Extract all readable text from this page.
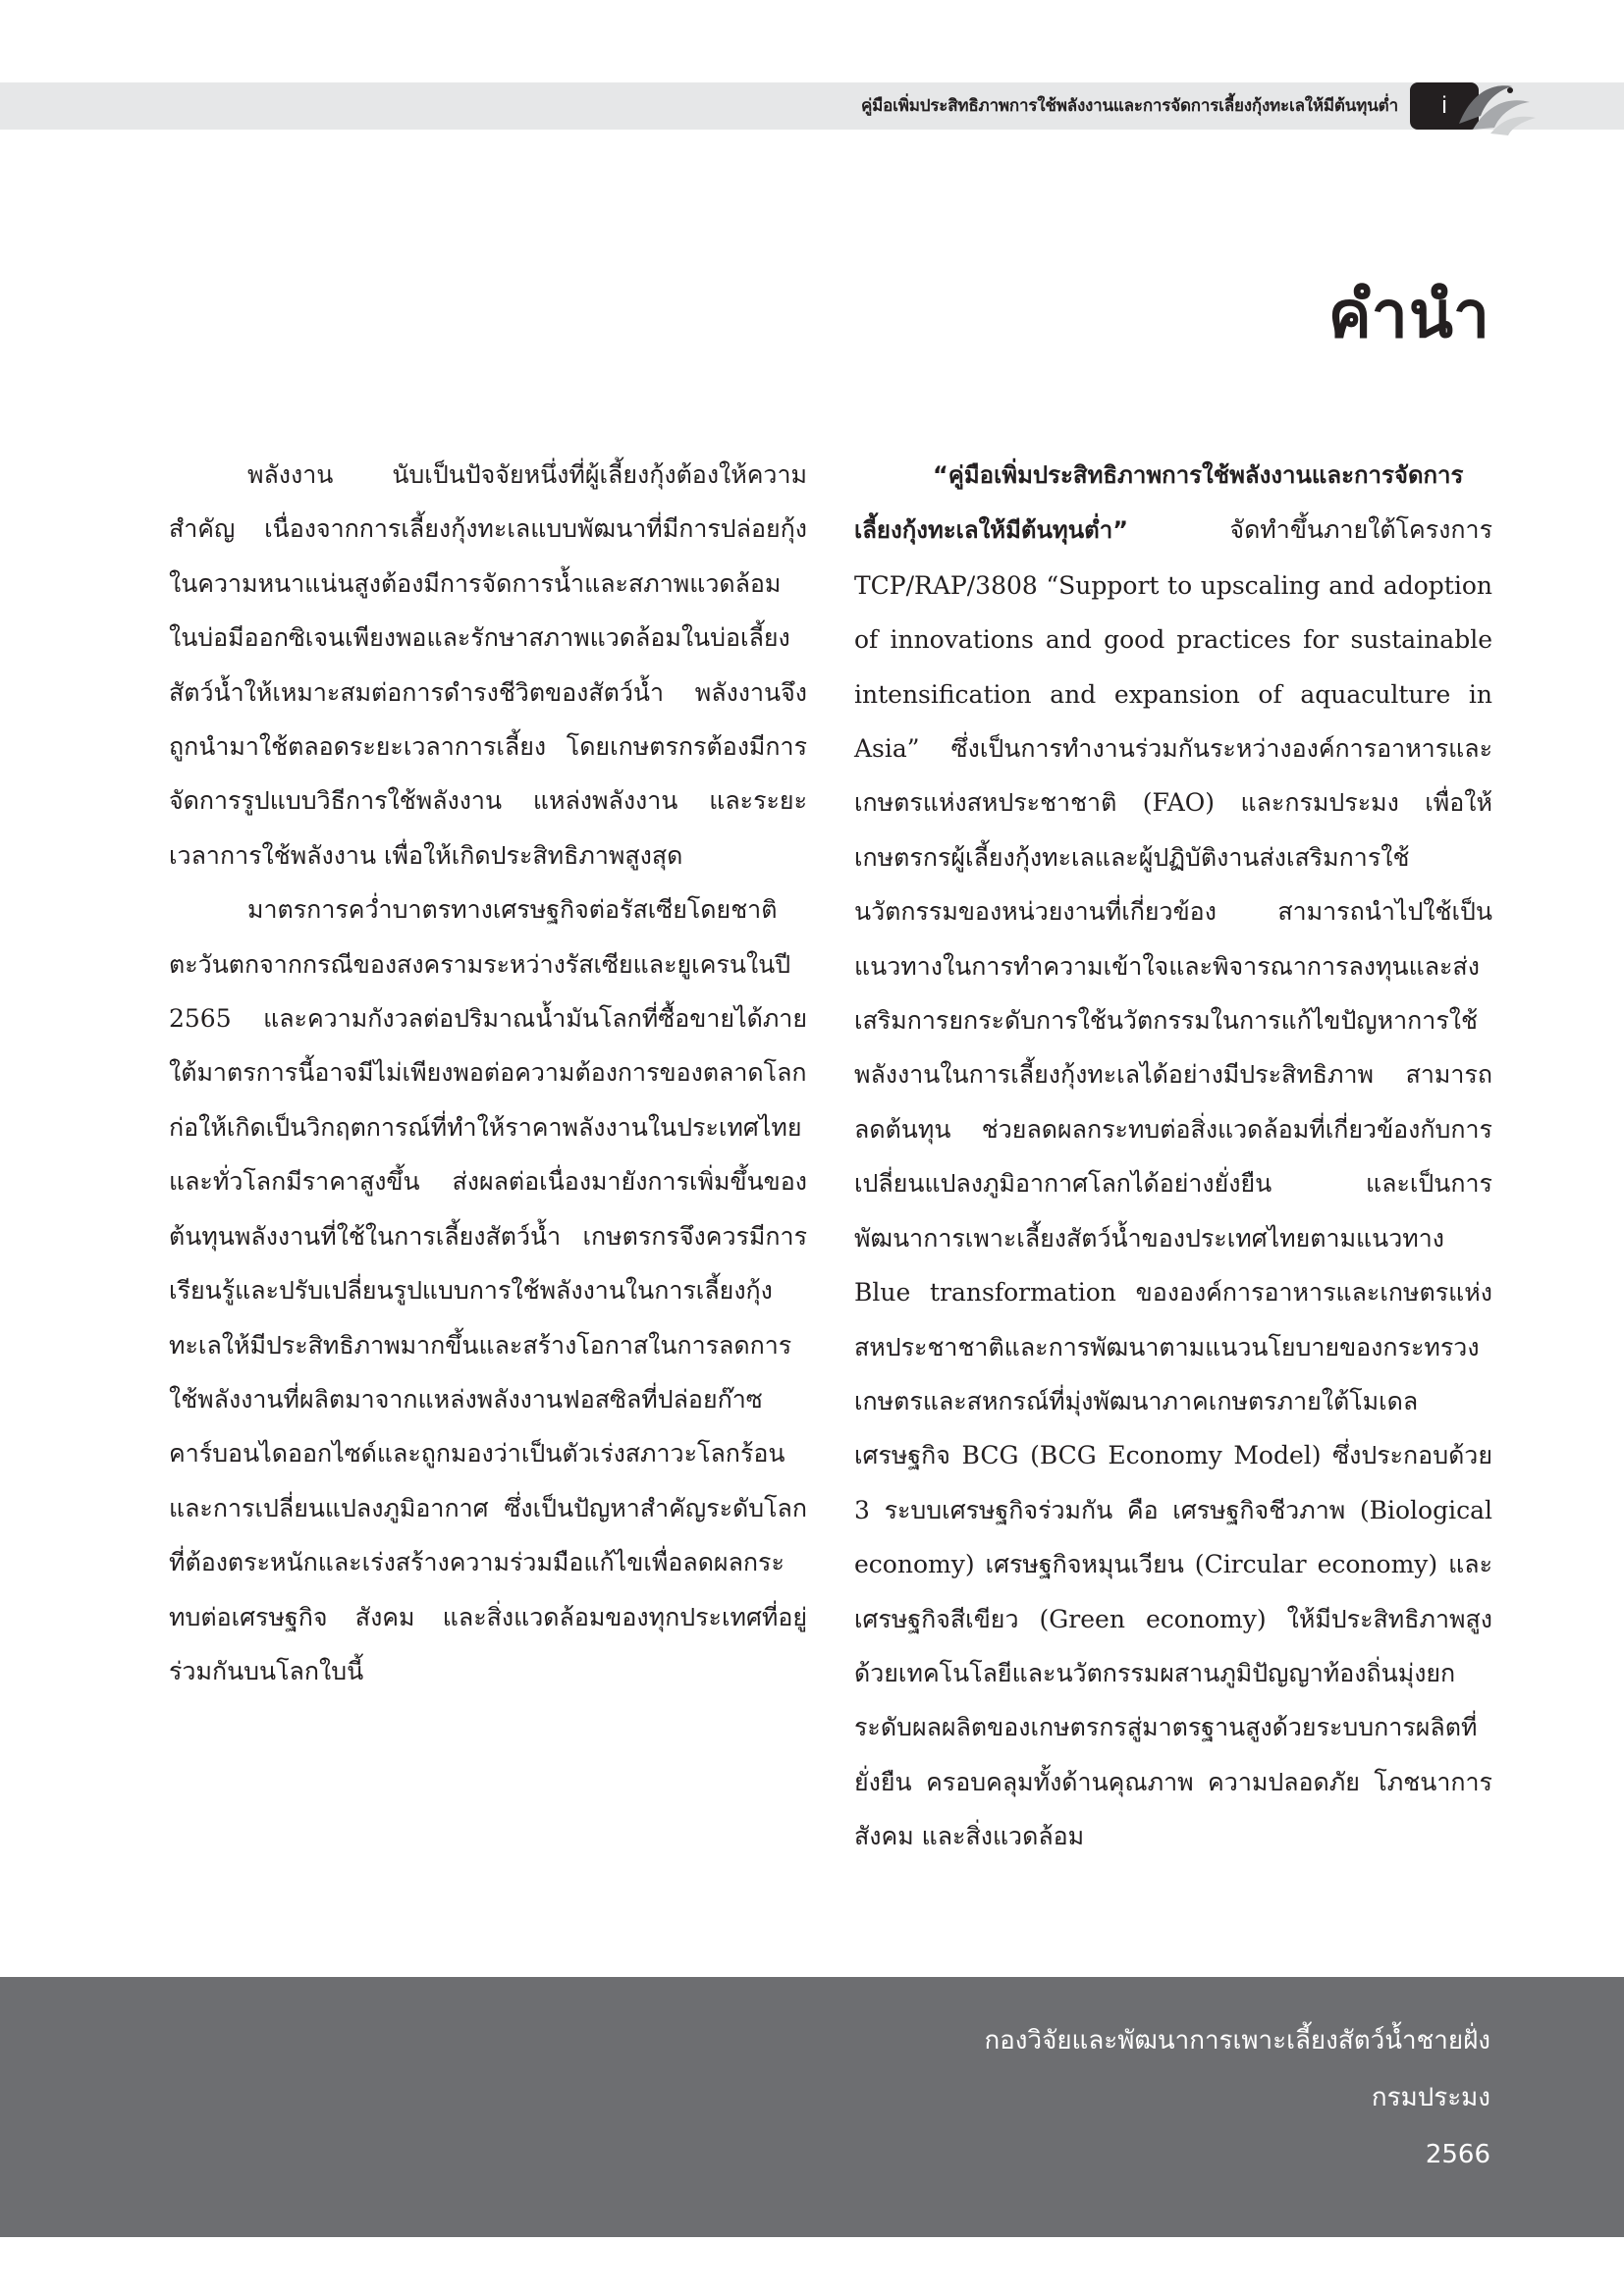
คู่มือเพิ่มประสิทธิภาพการใช้พลังงานและการจัดการเลี้ยงกุ้งทะเลให้มีต้นทุนต่ำ	i
คำนำ

พลังงาน นับเป็นปัจจัยหนึ่งที่ผู้เลี้ยงกุ้งต้องให้ความสำคัญ เนื่องจากการเลี้ยงกุ้งทะเลแบบพัฒนาที่มีการปล่อยกุ้งในความหนาแน่นสูงต้องมีการจัดการน้ำและสภาพแวดล้อมในบ่อมีออกซิเจนเพียงพอและรักษาสภาพแวดล้อมในบ่อเลี้ยงสัตว์น้ำให้เหมาะสมต่อการดำรงชีวิตของสัตว์น้ำ พลังงานจึงถูกนำมาใช้ตลอดระยะเวลาการเลี้ยง โดยเกษตรกรต้องมีการจัดการรูปแบบวิธีการใช้พลังงาน แหล่งพลังงาน และระยะเวลาการใช้พลังงาน เพื่อให้เกิดประสิทธิภาพสูงสุด

มาตรการคว่ำบาตรทางเศรษฐกิจต่อรัสเซียโดยชาติตะวันตกจากกรณีของสงครามระหว่างรัสเซียและยูเครนในปี 2565 และความกังวลต่อปริมาณน้ำมันโลกที่ซื้อขายได้ภายใต้มาตรการนี้อาจมีไม่เพียงพอต่อความต้องการของตลาดโลก ก่อให้เกิดเป็นวิกฤตการณ์ที่ทำให้ราคาพลังงานในประเทศไทยและทั่วโลกมีราคาสูงขึ้น ส่งผลต่อเนื่องมายังการเพิ่มขึ้นของต้นทุนพลังงานที่ใช้ในการเลี้ยงสัตว์น้ำ เกษตรกรจึงควรมีการเรียนรู้และปรับเปลี่ยนรูปแบบการใช้พลังงานในการเลี้ยงกุ้งทะเลให้มีประสิทธิภาพมากขึ้นและสร้างโอกาสในการลดการใช้พลังงานที่ผลิตมาจากแหล่งพลังงานฟอสซิลที่ปล่อยก๊าซคาร์บอนไดออกไซด์และถูกมองว่าเป็นตัวเร่งสภาวะโลกร้อนและการเปลี่ยนแปลงภูมิอากาศ ซึ่งเป็นปัญหาสำคัญระดับโลกที่ต้องตระหนักและเร่งสร้างความร่วมมือแก้ไขเพื่อลดผลกระทบต่อเศรษฐกิจ สังคม และสิ่งแวดล้อมของทุกประเทศที่อยู่ร่วมกันบนโลกใบนี้

“คู่มือเพิ่มประสิทธิภาพการใช้พลังงานและการจัดการเลี้ยงกุ้งทะเลให้มีต้นทุนต่ำ” จัดทำขึ้นภายใต้โครงการ TCP/RAP/3808 “Support to upscaling and adoption of innovations and good practices for sustainable intensification and expansion of aquaculture in Asia” ซึ่งเป็นการทำงานร่วมกันระหว่างองค์การอาหารและเกษตรแห่งสหประชาชาติ (FAO) และกรมประมง เพื่อให้เกษตรกรผู้เลี้ยงกุ้งทะเลและผู้ปฏิบัติงานส่งเสริมการใช้นวัตกรรมของหน่วยงานที่เกี่ยวข้อง สามารถนำไปใช้เป็นแนวทางในการทำความเข้าใจและพิจารณาการลงทุนและส่งเสริมการยกระดับการใช้นวัตกรรมในการแก้ไขปัญหาการใช้พลังงานในการเลี้ยงกุ้งทะเลได้อย่างมีประสิทธิภาพ สามารถลดต้นทุน ช่วยลดผลกระทบต่อสิ่งแวดล้อมที่เกี่ยวข้องกับการเปลี่ยนแปลงภูมิอากาศโลกได้อย่างยั่งยืน และเป็นการพัฒนาการเพาะเลี้ยงสัตว์น้ำของประเทศไทยตามแนวทาง Blue transformation ขององค์การอาหารและเกษตรแห่งสหประชาชาติและการพัฒนาตามแนวนโยบายของกระทรวงเกษตรและสหกรณ์ที่มุ่งพัฒนาภาคเกษตรภายใต้โมเดลเศรษฐกิจ BCG (BCG Economy Model) ซึ่งประกอบด้วย 3 ระบบเศรษฐกิจร่วมกัน คือ เศรษฐกิจชีวภาพ (Biological economy) เศรษฐกิจหมุนเวียน (Circular economy) และเศรษฐกิจสีเขียว (Green economy) ให้มีประสิทธิภาพสูงด้วยเทคโนโลยีและนวัตกรรมผสานภูมิปัญญาท้องถิ่นมุ่งยกระดับผลผลิตของเกษตรกรสู่มาตรฐานสูงด้วยระบบการผลิตที่ยั่งยืน ครอบคลุมทั้งด้านคุณภาพ ความปลอดภัย โภชนาการ สังคม และสิ่งแวดล้อม

กองวิจัยและพัฒนาการเพาะเลี้ยงสัตว์น้ำชายฝั่ง
กรมประมง
2566
